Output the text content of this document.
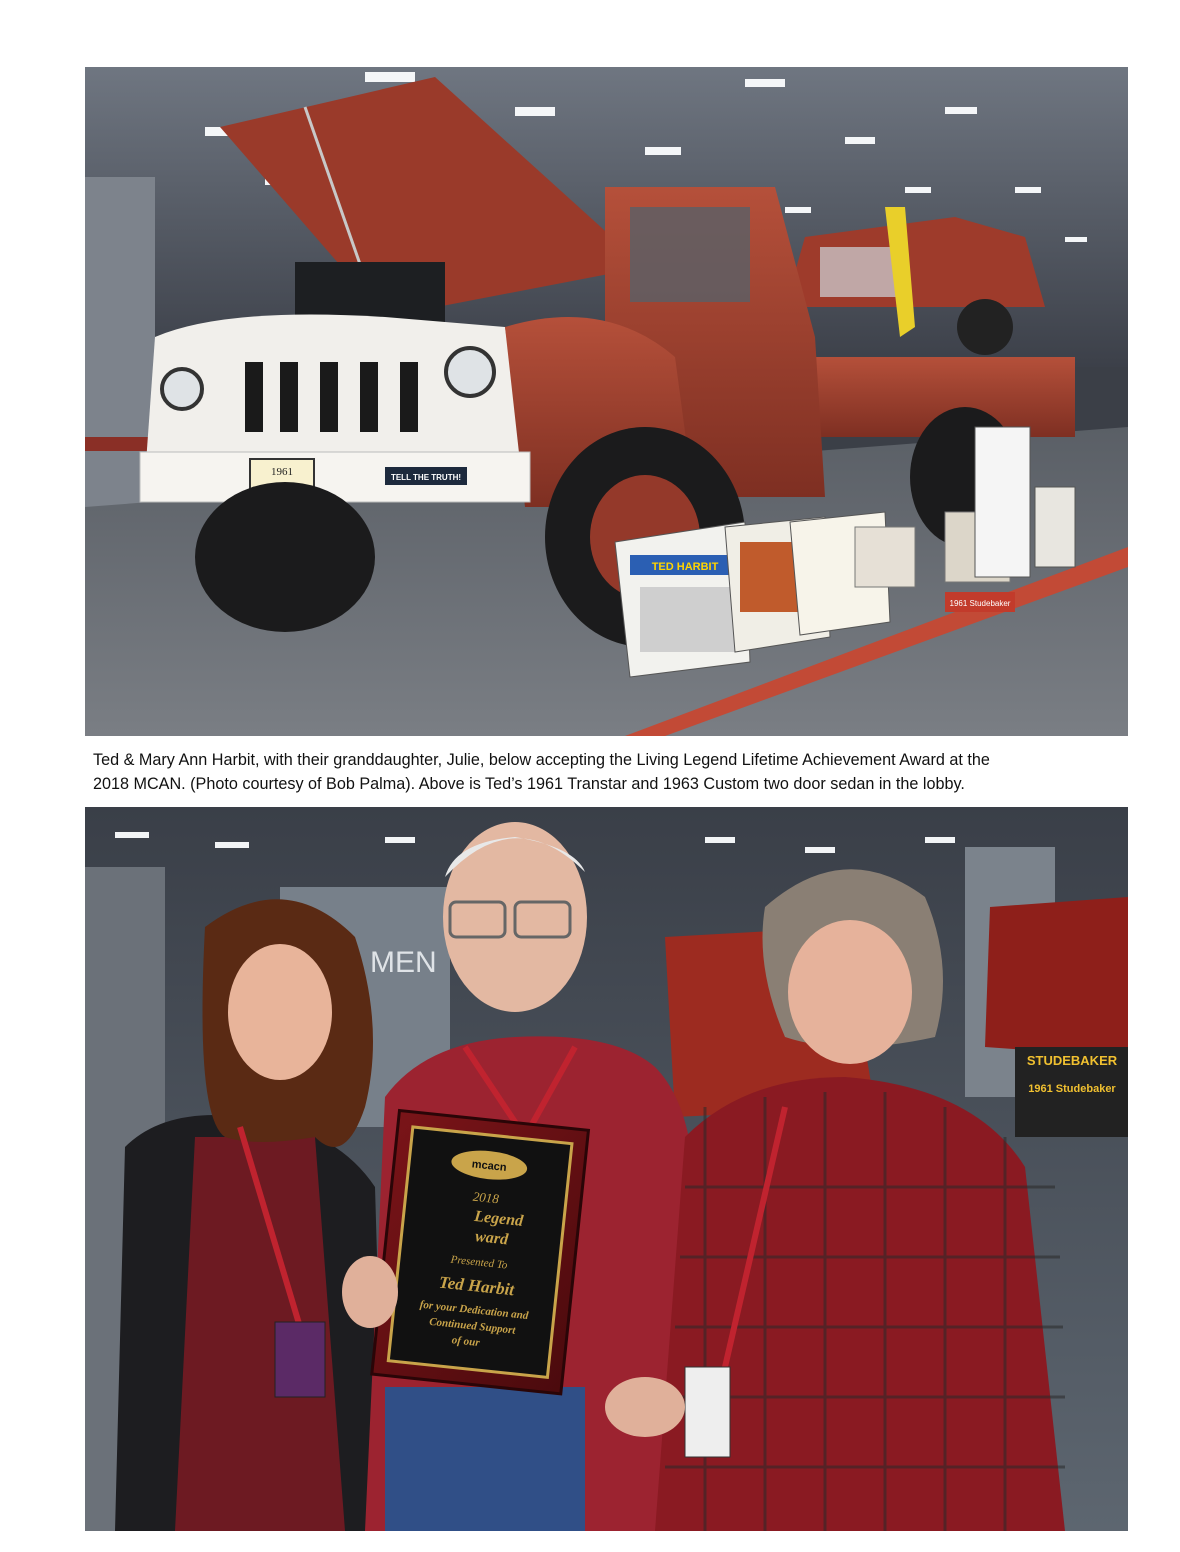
1961	TELL THE TRUTH!
TED HARBIT
1961 Studebaker
Ted & Mary Ann Harbit, with their granddaughter, Julie, below accepting the Living Legend Lifetime Achievement Award at the
2018 MCAN. (Photo courtesy of Bob Palma). Above is Ted’s 1961 Transtar and 1963 Custom two door sedan in the lobby.
MEN
STUDEBAKER
1961 Studebaker
mcacn
2018
Legend
ward
Presented To
Ted Harbit
for your Dedication and
Continued Support
of our
